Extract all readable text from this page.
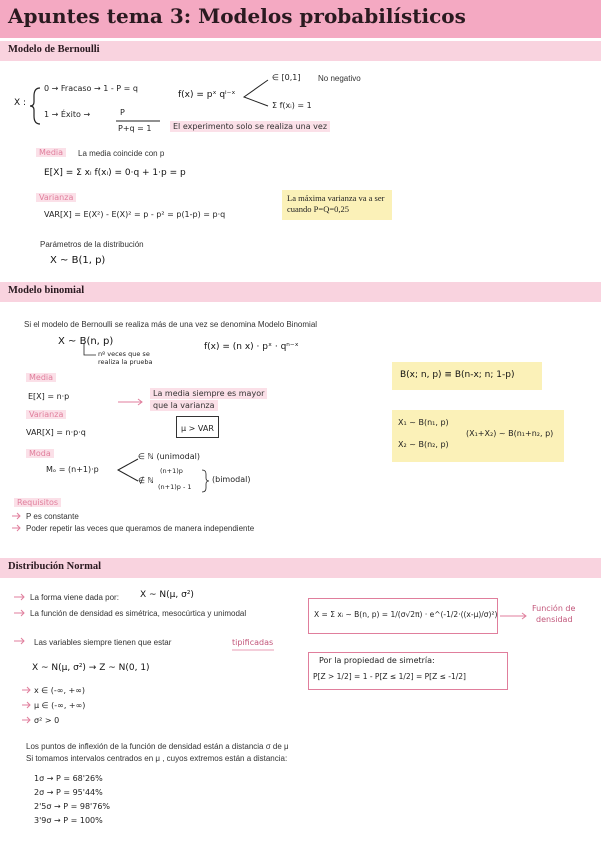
Apuntes tema 3: Modelos probabilísticos
Modelo de Bernoulli
Modelo binomial
Distribución Normal
X :
0 → Fracaso → 1 - P = q
1 → Éxito →	P
P+q = 1
f(x) = pˣ qⁱ⁻ˣ
∈ [0,1] No negativo
Σ f(xᵢ) = 1
El experimento solo se realiza una vez
Media	La media coincide con p
E[X] = Σ xᵢ f(xᵢ) = 0·q + 1·p = p
Varianza
VAR[X] = E(X²) - E(X)² = p - p² = p(1-p) = p·q
La máxima varianza va a ser cuando P=Q=0,25
Parámetros de la distribución
X ~ B(1, p)
Si el modelo de Bernoulli se realiza más de una vez se denomina Modelo Binomial
X ~ B(n, p)
nº veces que se realiza la prueba
f(x) = (n x) · pˣ · qⁿ⁻ˣ
Media
E[X] = n·p	La media siempre es mayor
que la varianza
μ > VAR
Varianza
VAR[X] = n·p·q
Moda
Mₒ = (n+1)·p
∈ ℕ (unimodal)
∉ ℕ
(n+1)p
(n+1)p - 1
(bimodal)
B(x; n, p) ≡ B(n-x; n; 1-p)
X₁ ~ B(n₁, p)
X₂ ~ B(n₂, p)
(X₁+X₂) ~ B(n₁+n₂, p)
Requisitos
P es constante
Poder repetir las veces que queramos de manera independiente
La forma viene dada por: X ~ N(μ, σ²)
La función de densidad es simétrica, mesocúrtica y unimodal	X = Σ xᵢ ~ B(n, p) = 1/(σ√2π) · e^(-1/2·((x-μ)/σ)²)
Función de
densidad
Las variables siempre tienen que estar	tipificadas
X ~ N(μ, σ²) → Z ~ N(0, 1)
x ∈ (-∞, +∞)
μ ∈ (-∞, +∞)
σ² > 0
Por la propiedad de simetría:
P[Z > 1/2] = 1 - P[Z ≤ 1/2] = P[Z ≤ -1/2]
Los puntos de inflexión de la función de densidad están a distancia σ de μ
Si tomamos intervalos centrados en μ , cuyos extremos están a distancia:
1σ → P = 68'26%
2σ → P = 95'44%
2'5σ → P = 98'76%
3'9σ → P = 100%
